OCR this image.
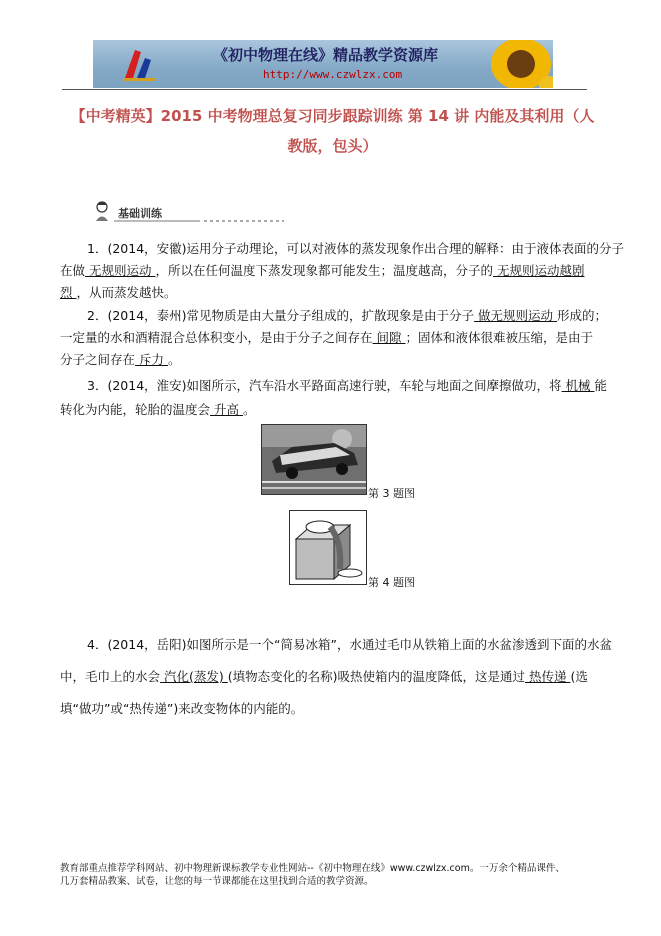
《初中物理在线》精品教学资源库
http://www.czwlzx.com
【中考精英】2015 中考物理总复习同步跟踪训练 第 14 讲 内能及其利用（人
教版，包头）
基础训练
1．(2014，安徽)运用分子动理论，可以对液体的蒸发现象作出合理的解释：由于液体表面的分子
在做 无规则运动 ，所以在任何温度下蒸发现象都可能发生；温度越高，分子的 无规则运动越剧
烈 ，从而蒸发越快。
2．(2014，泰州)常见物质是由大量分子组成的，扩散现象是由于分子 做无规则运动 形成的；
一定量的水和酒精混合总体积变小，是由于分子之间存在 间隙 ；固体和液体很难被压缩，是由于
分子之间存在 斥力 。
3．(2014，淮安)如图所示，汽车沿水平路面高速行驶，车轮与地面之间摩擦做功，将 机械 能
转化为内能，轮胎的温度会 升高 。
第 3 题图
第 4 题图
4．(2014，岳阳)如图所示是一个“简易冰箱”，水通过毛巾从铁箱上面的水盆渗透到下面的水盆
中，毛巾上的水会 汽化(蒸发) (填物态变化的名称)吸热使箱内的温度降低，这是通过 热传递 (选
填“做功”或“热传递”)来改变物体的内能的。
教育部重点推荐学科网站、初中物理新课标教学专业性网站--《初中物理在线》www.czwlzx.com。一万余个精品课件、
几万套精品教案、试卷，让您的每一节课都能在这里找到合适的教学资源。
